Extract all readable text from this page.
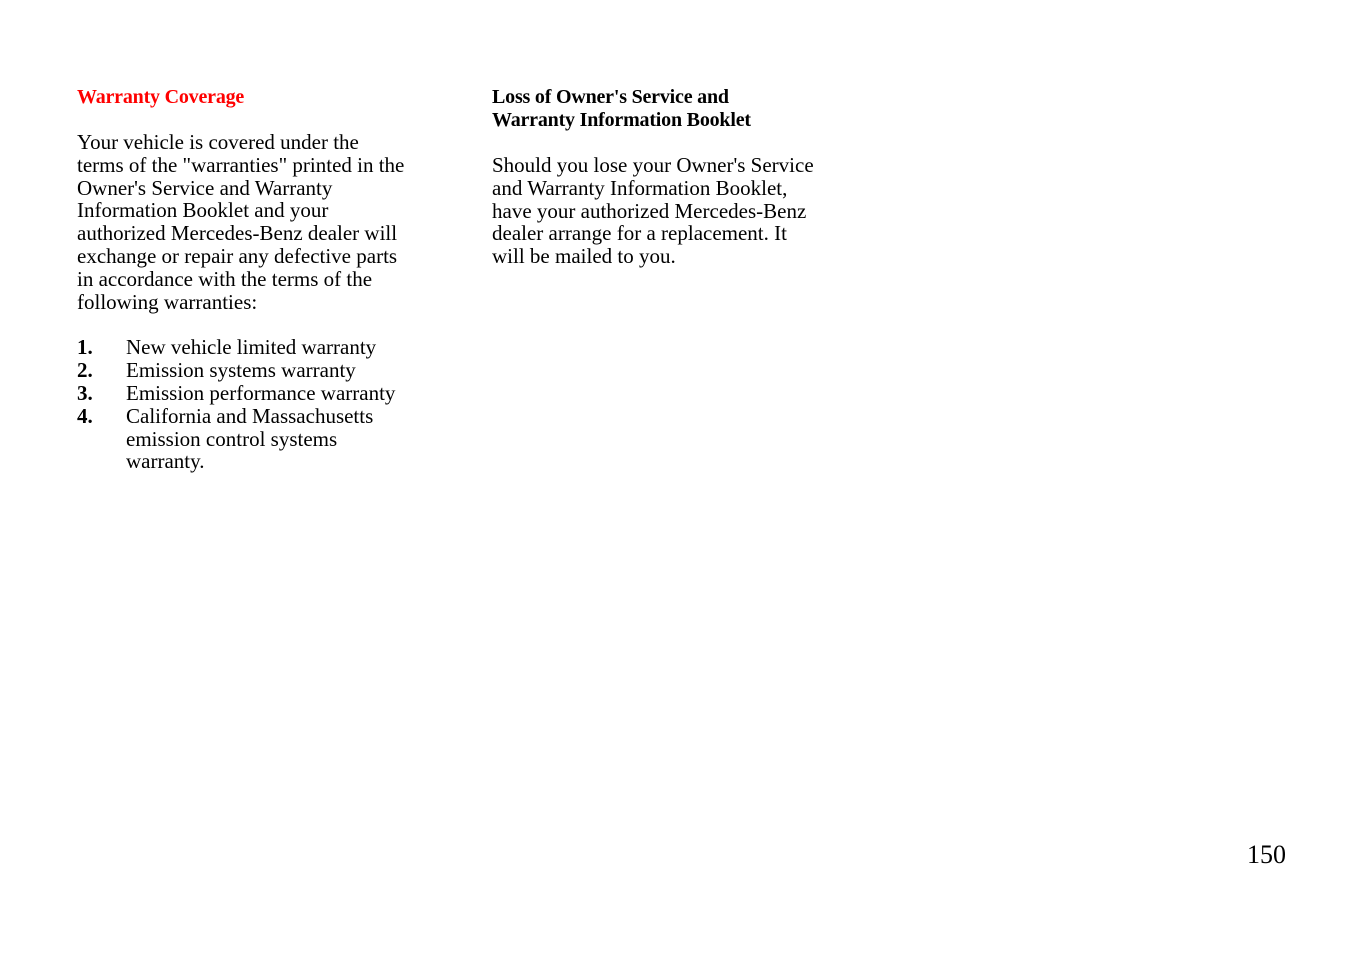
Warranty Coverage

Your vehicle is covered under the
terms of the "warranties" printed in the
Owner's Service and Warranty
Information Booklet and your
authorized Mercedes-Benz dealer will
exchange or repair any defective parts
in accordance with the terms of the
following warranties:

1.	New vehicle limited warranty
2.	Emission systems warranty
3.	Emission performance warranty
4.	California and Massachusetts
emission control systems
warranty.
Loss of Owner's Service and
Warranty Information Booklet

Should you lose your Owner's Service
and Warranty Information Booklet,
have your authorized Mercedes-Benz
dealer arrange for a replacement. It
will be mailed to you.

150
